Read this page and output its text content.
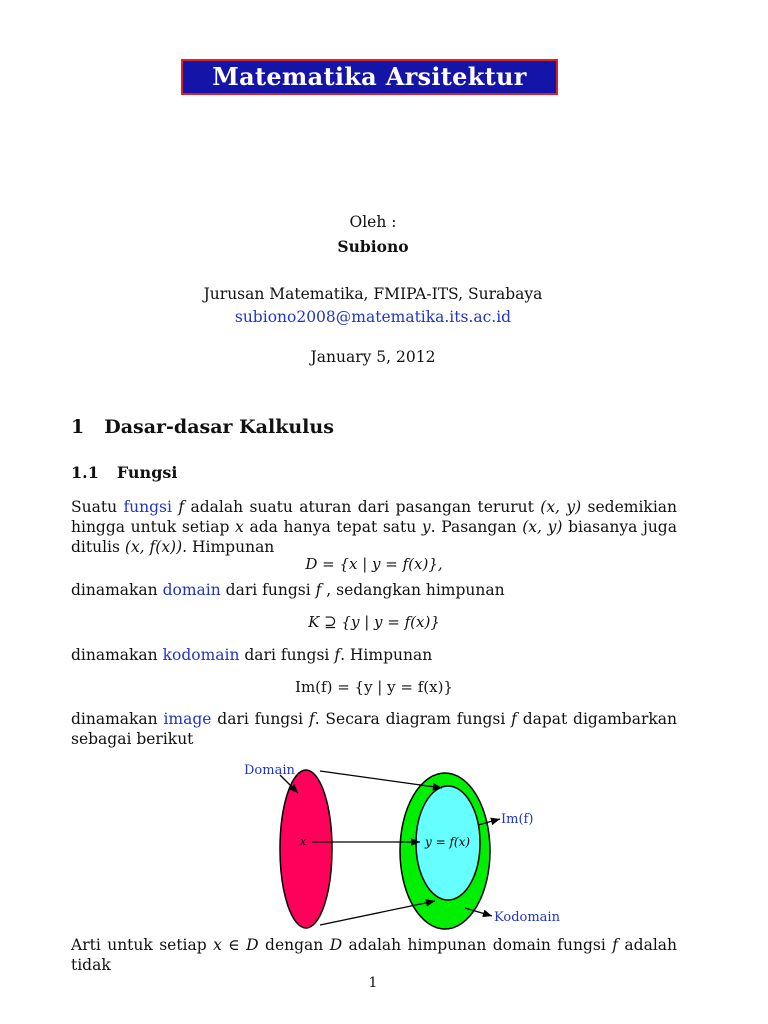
Matematika Arsitektur
Oleh :
Subiono
Jurusan Matematika, FMIPA-ITS, Surabaya
subiono2008@matematika.its.ac.id
January 5, 2012
1 Dasar-dasar Kalkulus
1.1 Fungsi
Suatu fungsi f adalah suatu aturan dari pasangan terurut (x, y) sedemikian hingga untuk setiap x ada hanya tepat satu y. Pasangan (x, y) biasanya juga ditulis (x, f(x)). Himpunan
D = {x | y = f(x)},
dinamakan domain dari fungsi f , sedangkan himpunan
K ⊇ {y | y = f(x)}
dinamakan kodomain dari fungsi f. Himpunan
Im(f) = {y | y = f(x)}
dinamakan image dari fungsi f. Secara diagram fungsi f dapat digambarkan sebagai berikut
Domain
Im(f)
Kodomain
x	y = f(x)
Arti untuk setiap x ∈ D dengan D adalah himpunan domain fungsi f adalah tidak
1
